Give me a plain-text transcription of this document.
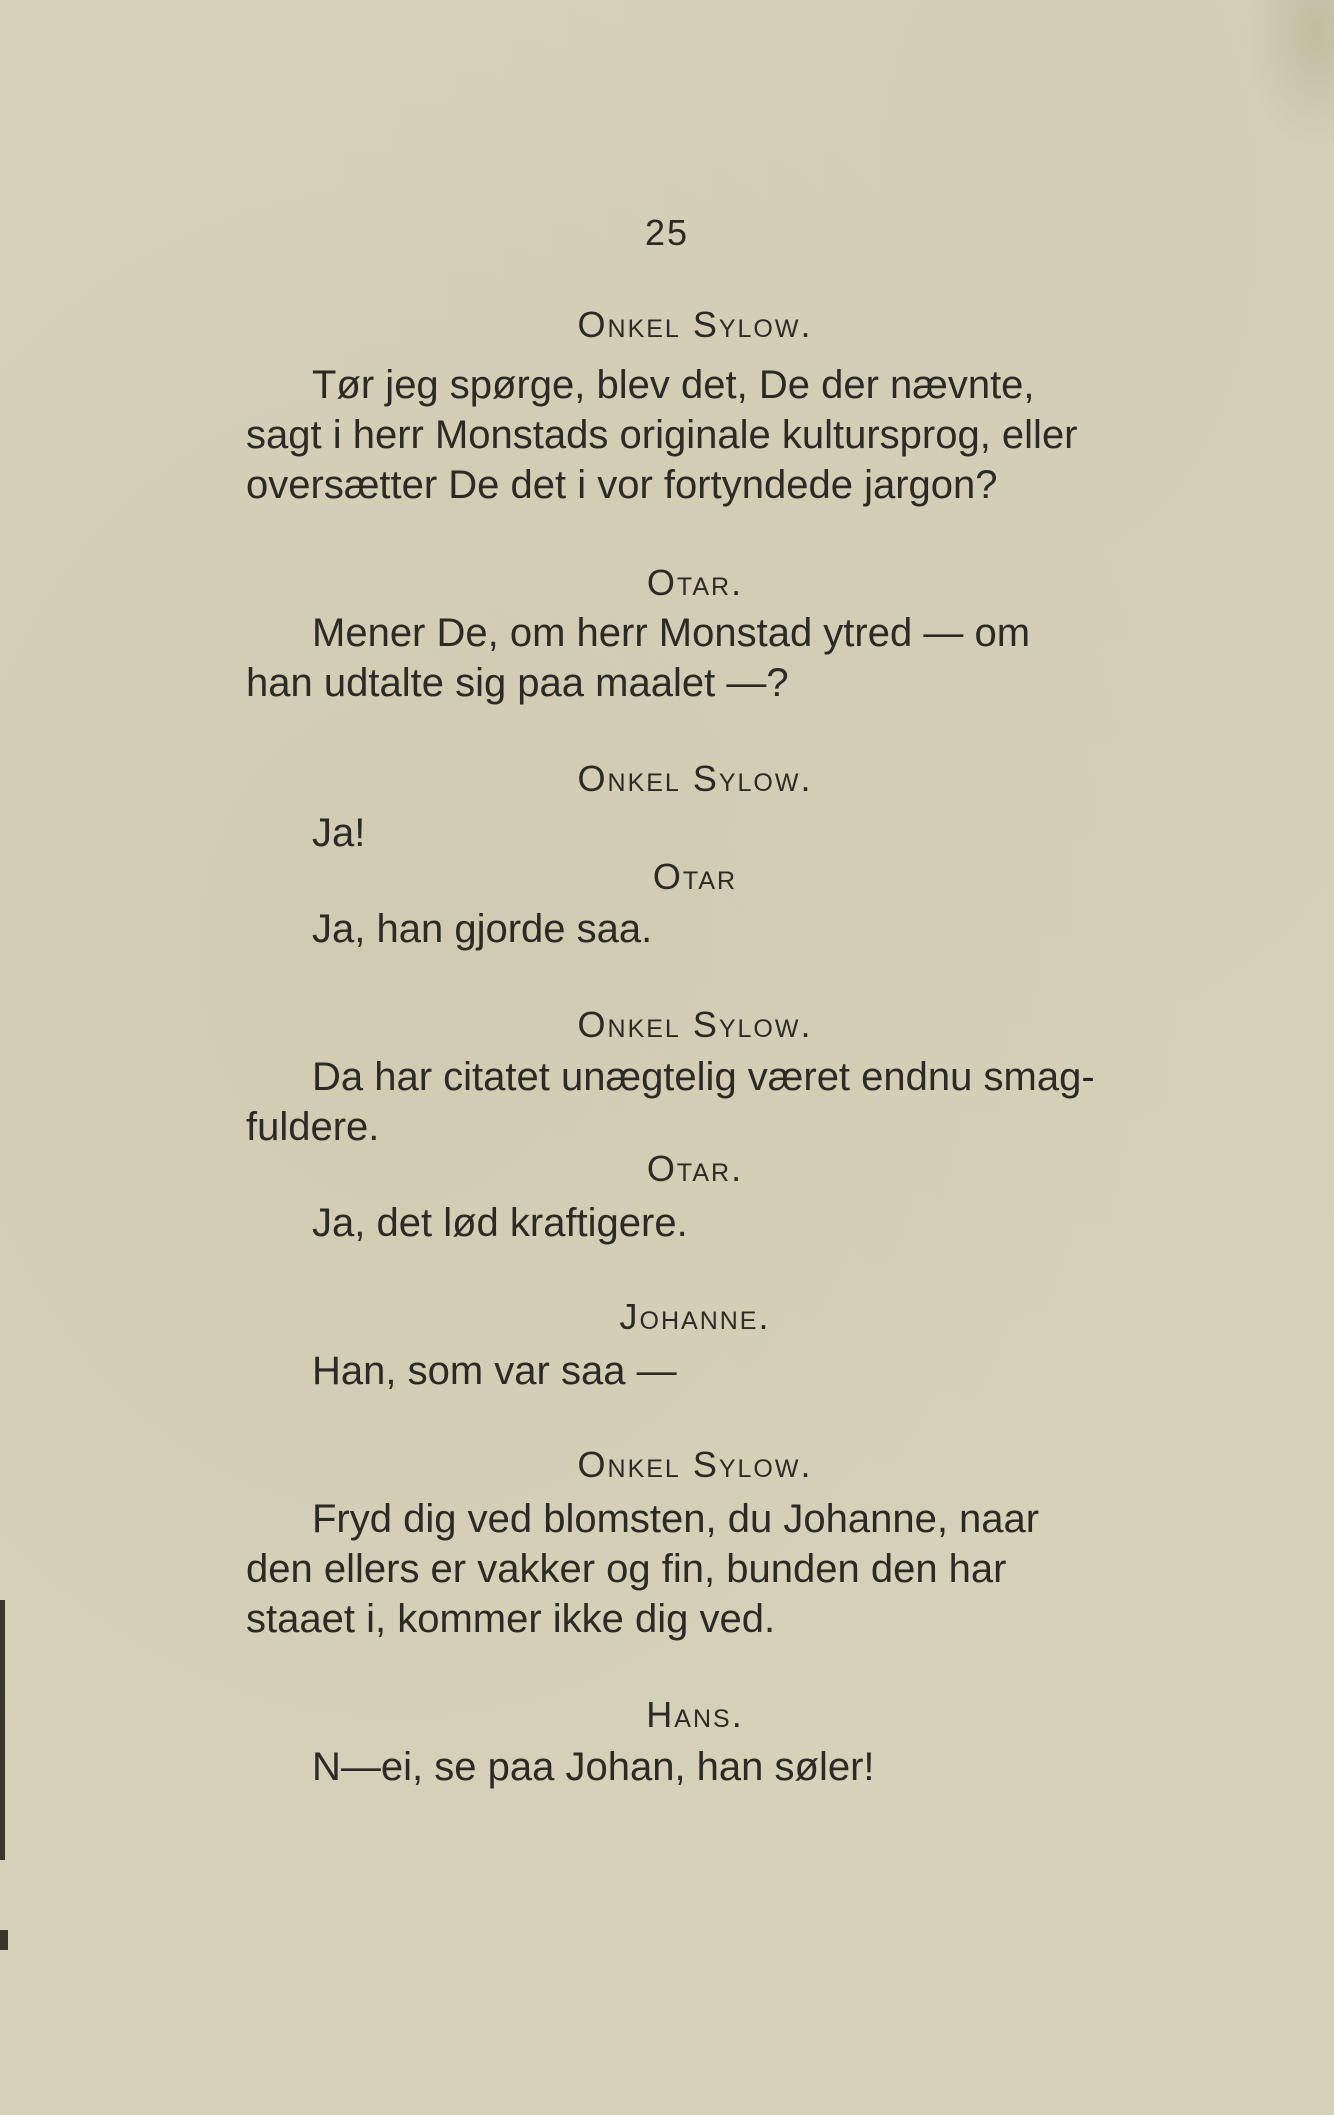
25
Onkel Sylow.
Tør jeg spørge, blev det, De der nævnte,
sagt i herr Monstads originale kultursprog, eller
oversætter De det i vor fortyndede jargon?
Otar.
Mener De, om herr Monstad ytred — om
han udtalte sig paa maalet —?
Onkel Sylow.
Ja!
Otar
Ja, han gjorde saa.
Onkel Sylow.
Da har citatet unægtelig været endnu smag-
fuldere.
Otar.
Ja, det lød kraftigere.
Johanne.
Han, som var saa —
Onkel Sylow.
Fryd dig ved blomsten, du Johanne, naar
den ellers er vakker og fin, bunden den har
staaet i, kommer ikke dig ved.
Hans.
N—ei, se paa Johan, han søler!
